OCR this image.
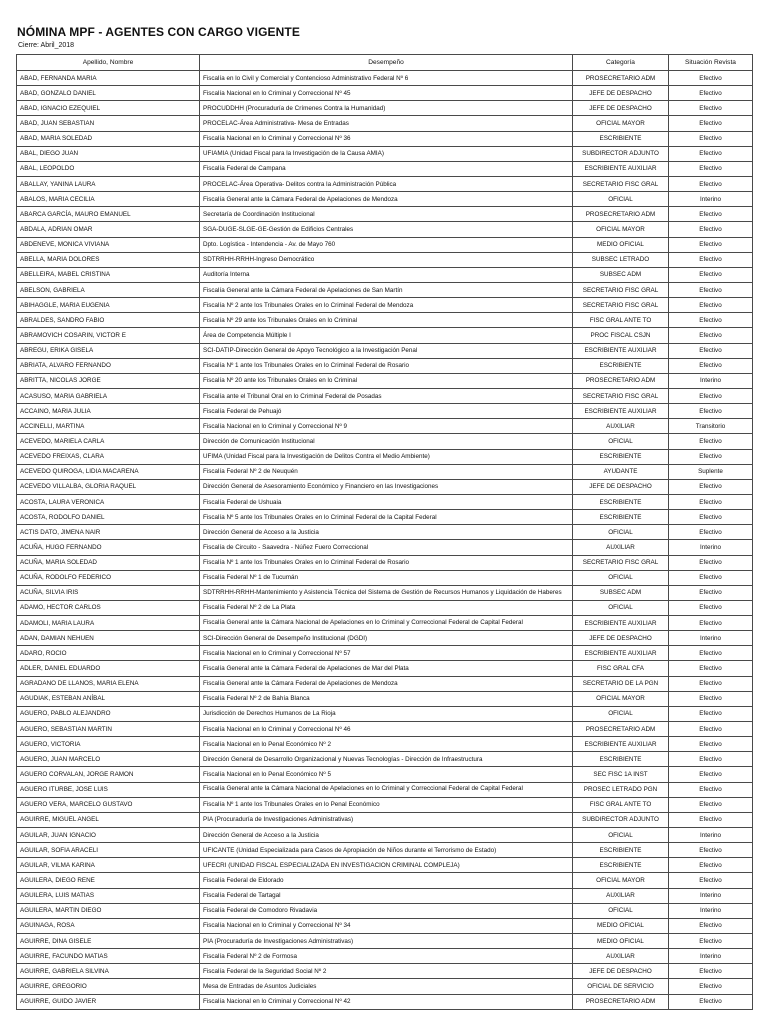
NÓMINA MPF - AGENTES CON CARGO VIGENTE

Cierre: Abril_2018

Apellido, Nombre	Desempeño	Categoría	Situación Revista
ABAD, FERNANDA MARIA	Fiscalía en lo Civil y Comercial y Contencioso Administrativo Federal Nº 6	PROSECRETARIO ADM	Efectivo
ABAD, GONZALO DANIEL	Fiscalía Nacional en lo Criminal y Correccional Nº 45	JEFE DE DESPACHO	Efectivo
ABAD, IGNACIO EZEQUIEL	PROCUDDHH (Procuraduría de Crímenes Contra la Humanidad)	JEFE DE DESPACHO	Efectivo
ABAD, JUAN SEBASTIAN	PROCELAC-Área Administrativa- Mesa de Entradas	OFICIAL MAYOR	Efectivo
ABAD, MARIA SOLEDAD	Fiscalía Nacional en lo Criminal y Correccional Nº 36	ESCRIBIENTE	Efectivo
ABAL, DIEGO JUAN	UFIAMIA (Unidad Fiscal para la Investigación de la Causa AMIA)	SUBDIRECTOR ADJUNTO	Efectivo
ABAL, LEOPOLDO	Fiscalía Federal de Campana	ESCRIBIENTE AUXILIAR	Efectivo
ABALLAY, YANINA LAURA	PROCELAC-Área Operativa- Delitos contra la Administración Pública	SECRETARIO FISC GRAL	Efectivo
ABALOS, MARIA CECILIA	Fiscalía General ante la Cámara Federal de Apelaciones de Mendoza	OFICIAL	Interino
ABARCA GARCÍA, MAURO EMANUEL	Secretaría de Coordinación Institucional	PROSECRETARIO ADM	Efectivo
ABDALA, ADRIAN OMAR	SGA-DUGE-SLGE-GE-Gestión de Edificios Centrales	OFICIAL MAYOR	Efectivo
ABDENEVE, MONICA VIVIANA	Dpto. Logística - Intendencia - Av. de Mayo 760	MEDIO OFICIAL	Efectivo
ABELLA, MARIA DOLORES	SDTRRHH-RRHH-Ingreso Democrático	SUBSEC LETRADO	Efectivo
ABELLEIRA, MABEL CRISTINA	Auditoría Interna	SUBSEC ADM	Efectivo
ABELSON, GABRIELA	Fiscalía General ante la Cámara Federal de Apelaciones de San Martín	SECRETARIO FISC GRAL	Efectivo
ABIHAGGLE, MARIA EUGENIA	Fiscalía Nº 2 ante los Tribunales Orales en lo Criminal Federal de Mendoza	SECRETARIO FISC GRAL	Efectivo
ABRALDES, SANDRO FABIO	Fiscalía Nº 29 ante los Tribunales Orales en lo Criminal	FISC GRAL ANTE TO	Efectivo
ABRAMOVICH COSARIN, VICTOR E	Área de Competencia Múltiple I	PROC FISCAL CSJN	Efectivo
ABREGU, ERIKA GISELA	SCI-DATIP-Dirección General de Apoyo Tecnológico a la Investigación Penal	ESCRIBIENTE AUXILIAR	Efectivo
ABRIATA, ALVARO FERNANDO	Fiscalía Nº 1 ante los Tribunales Orales en lo Criminal Federal de Rosario	ESCRIBIENTE	Efectivo
ABRITTA, NICOLAS JORGE	Fiscalía Nº 20 ante los Tribunales Orales en lo Criminal	PROSECRETARIO ADM	Interino
ACASUSO, MARIA GABRIELA	Fiscalía ante el Tribunal Oral en lo Criminal Federal de Posadas	SECRETARIO FISC GRAL	Efectivo
ACCAINO, MARIA JULIA	Fiscalía Federal de Pehuajó	ESCRIBIENTE AUXILIAR	Efectivo
ACCINELLI, MARTINA	Fiscalía Nacional en lo Criminal y Correccional Nº 9	AUXILIAR	Transitorio
ACEVEDO, MARIELA CARLA	Dirección de Comunicación Institucional	OFICIAL	Efectivo
ACEVEDO FREIXAS, CLARA	UFIMA (Unidad Fiscal para la Investigación de Delitos Contra el Medio Ambiente)	ESCRIBIENTE	Efectivo
ACEVEDO QUIROGA, LIDIA MACARENA	Fiscalía Federal Nº 2 de Neuquén	AYUDANTE	Suplente
ACEVEDO VILLALBA, GLORIA RAQUEL	Dirección General de Asesoramiento Económico y Financiero en las Investigaciones	JEFE DE DESPACHO	Efectivo
ACOSTA, LAURA VERONICA	Fiscalía Federal de Ushuaia	ESCRIBIENTE	Efectivo
ACOSTA, RODOLFO DANIEL	Fiscalía Nº 5 ante los Tribunales Orales en lo Criminal Federal de la Capital Federal	ESCRIBIENTE	Efectivo
ACTIS DATO, JIMENA NAIR	Dirección General de Acceso a la Justicia	OFICIAL	Efectivo
ACUÑA, HUGO FERNANDO	Fiscalía de Circuito - Saavedra - Núñez Fuero Correccional	AUXILIAR	Interino
ACUÑA, MARIA SOLEDAD	Fiscalía Nº 1 ante los Tribunales Orales en lo Criminal Federal de Rosario	SECRETARIO FISC GRAL	Efectivo
ACUÑA, RODOLFO FEDERICO	Fiscalía Federal Nº 1 de Tucumán	OFICIAL	Efectivo
ACUÑA, SILVIA IRIS	SDTRRHH-RRHH-Mantenimiento y Asistencia Técnica del Sistema de Gestión de Recursos Humanos y Liquidación de Haberes	SUBSEC ADM	Efectivo
ADAMO, HECTOR CARLOS	Fiscalía Federal Nº 2 de La Plata	OFICIAL	Efectivo
ADAMOLI, MARIA LAURA	Fiscalía General ante la Cámara Nacional de Apelaciones en lo Criminal y Correccional Federal de Capital Federal	ESCRIBIENTE AUXILIAR	Efectivo
ADAN, DAMIAN NEHUEN	SCI-Dirección General de Desempeño Institucional (DGDI)	JEFE DE DESPACHO	Interino
ADARO, ROCIO	Fiscalía Nacional en lo Criminal y Correccional Nº 57	ESCRIBIENTE AUXILIAR	Efectivo
ADLER, DANIEL EDUARDO	Fiscalía General ante la Cámara Federal de Apelaciones de Mar del Plata	FISC GRAL CFA	Efectivo
AGRADANO DE LLANOS, MARIA ELENA	Fiscalía General ante la Cámara Federal de Apelaciones de Mendoza	SECRETARIO DE LA PGN	Efectivo
AGUDIAK, ESTEBAN ANÍBAL	Fiscalía Federal Nº 2 de Bahía Blanca	OFICIAL MAYOR	Efectivo
AGUERO, PABLO ALEJANDRO	Jurisdicción de Derechos Humanos de La Rioja	OFICIAL	Efectivo
AGUERO, SEBASTIAN MARTIN	Fiscalía Nacional en lo Criminal y Correccional Nº 46	PROSECRETARIO ADM	Efectivo
AGUERO, VICTORIA	Fiscalía Nacional en lo Penal Económico Nº 2	ESCRIBIENTE AUXILIAR	Efectivo
AGUERO, JUAN MARCELO	Dirección General de Desarrollo Organizacional y Nuevas Tecnologías - Dirección de Infraestructura	ESCRIBIENTE	Efectivo
AGUERO CORVALAN, JORGE RAMON	Fiscalía Nacional en lo Penal Económico Nº 5	SEC FISC 1A INST	Efectivo
AGUERO ITURBE, JOSE LUIS	Fiscalía General ante la Cámara Nacional de Apelaciones en lo Criminal y Correccional Federal de Capital Federal	PROSEC LETRADO PGN	Efectivo
AGUERO VERA, MARCELO GUSTAVO	Fiscalía Nº 1 ante los Tribunales Orales en lo Penal Económico	FISC GRAL ANTE TO	Efectivo
AGUIRRE, MIGUEL ANGEL	PIA (Procuraduría de Investigaciones Administrativas)	SUBDIRECTOR ADJUNTO	Efectivo
AGUILAR, JUAN IGNACIO	Dirección General de Acceso a la Justicia	OFICIAL	Interino
AGUILAR, SOFIA ARACELI	UFICANTE (Unidad Especializada para Casos de Apropiación de Niños durante el Terrorismo de Estado)	ESCRIBIENTE	Efectivo
AGUILAR, VILMA KARINA	UFECRI (UNIDAD FISCAL ESPECIALIZADA EN INVESTIGACION CRIMINAL COMPLEJA)	ESCRIBIENTE	Efectivo
AGUILERA, DIEGO RENE	Fiscalía Federal de Eldorado	OFICIAL MAYOR	Efectivo
AGUILERA, LUIS MATIAS	Fiscalía Federal de Tartagal	AUXILIAR	Interino
AGUILERA, MARTIN DIEGO	Fiscalía Federal de Comodoro Rivadavia	OFICIAL	Interino
AGUINAGA, ROSA	Fiscalía Nacional en lo Criminal y Correccional Nº 34	MEDIO OFICIAL	Efectivo
AGUIRRE, DINA GISELE	PIA (Procuraduría de Investigaciones Administrativas)	MEDIO OFICIAL	Efectivo
AGUIRRE, FACUNDO MATIAS	Fiscalía Federal Nº 2 de Formosa	AUXILIAR	Interino
AGUIRRE, GABRIELA SILVINA	Fiscalía Federal de la Seguridad Social Nº 2	JEFE DE DESPACHO	Efectivo
AGUIRRE, GREGORIO	Mesa de Entradas de Asuntos Judiciales	OFICIAL DE SERVICIO	Efectivo
AGUIRRE, GUIDO JAVIER	Fiscalía Nacional en lo Criminal y Correccional Nº 42	PROSECRETARIO ADM	Efectivo
